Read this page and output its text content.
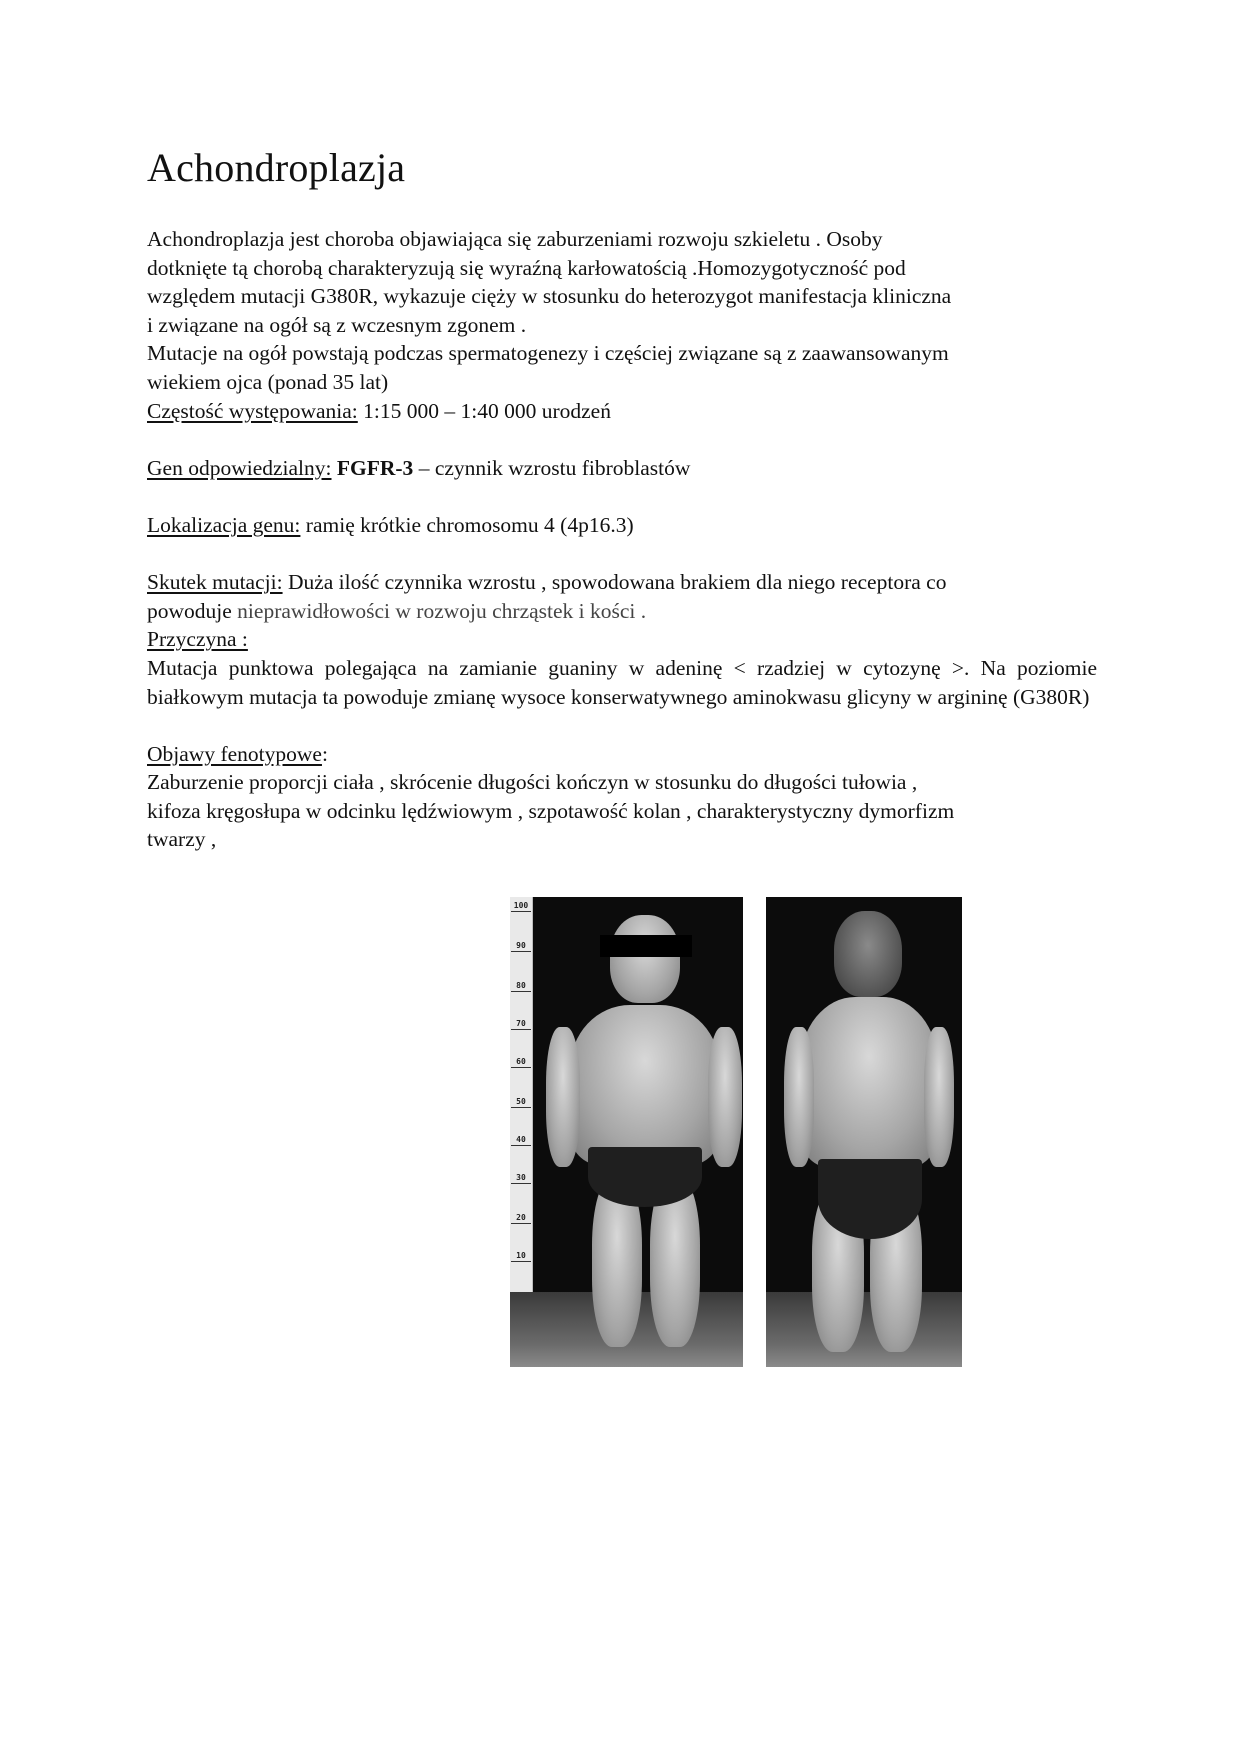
Achondroplazja

Achondroplazja jest choroba objawiająca się zaburzeniami rozwoju szkieletu . Osoby
dotknięte tą chorobą charakteryzują się wyraźną karłowatością .Homozygotyczność pod
względem mutacji G380R, wykazuje cięży w stosunku do heterozygot manifestacja kliniczna
i związane na ogół są z wczesnym zgonem .
Mutacje na ogół powstają podczas spermatogenezy i częściej związane są z zaawansowanym
wiekiem ojca (ponad 35 lat)

Częstość występowania: 1:15 000 – 1:40 000 urodzeń

Gen odpowiedzialny: FGFR-3 – czynnik wzrostu fibroblastów

Lokalizacja genu: ramię krótkie chromosomu 4 (4p16.3)

Skutek mutacji: Duża ilość czynnika wzrostu , spowodowana brakiem dla niego receptora co
powoduje nieprawidłowości w rozwoju chrząstek i kości .

Przyczyna :

Mutacja punktowa polegająca na zamianie guaniny w adeninę < rzadziej w cytozynę >. Na poziomie białkowym mutacja ta powoduje zmianę wysoce konserwatywnego aminokwasu glicyny w argininę (G380R)

Objawy fenotypowe:

Zaburzenie proporcji ciała , skrócenie długości kończyn w stosunku do długości tułowia ,
kifoza kręgosłupa w odcinku lędźwiowym , szpotawość kolan , charakterystyczny dymorfizm
twarzy ,

100
90
80
70
60
50
40
30
20
10
